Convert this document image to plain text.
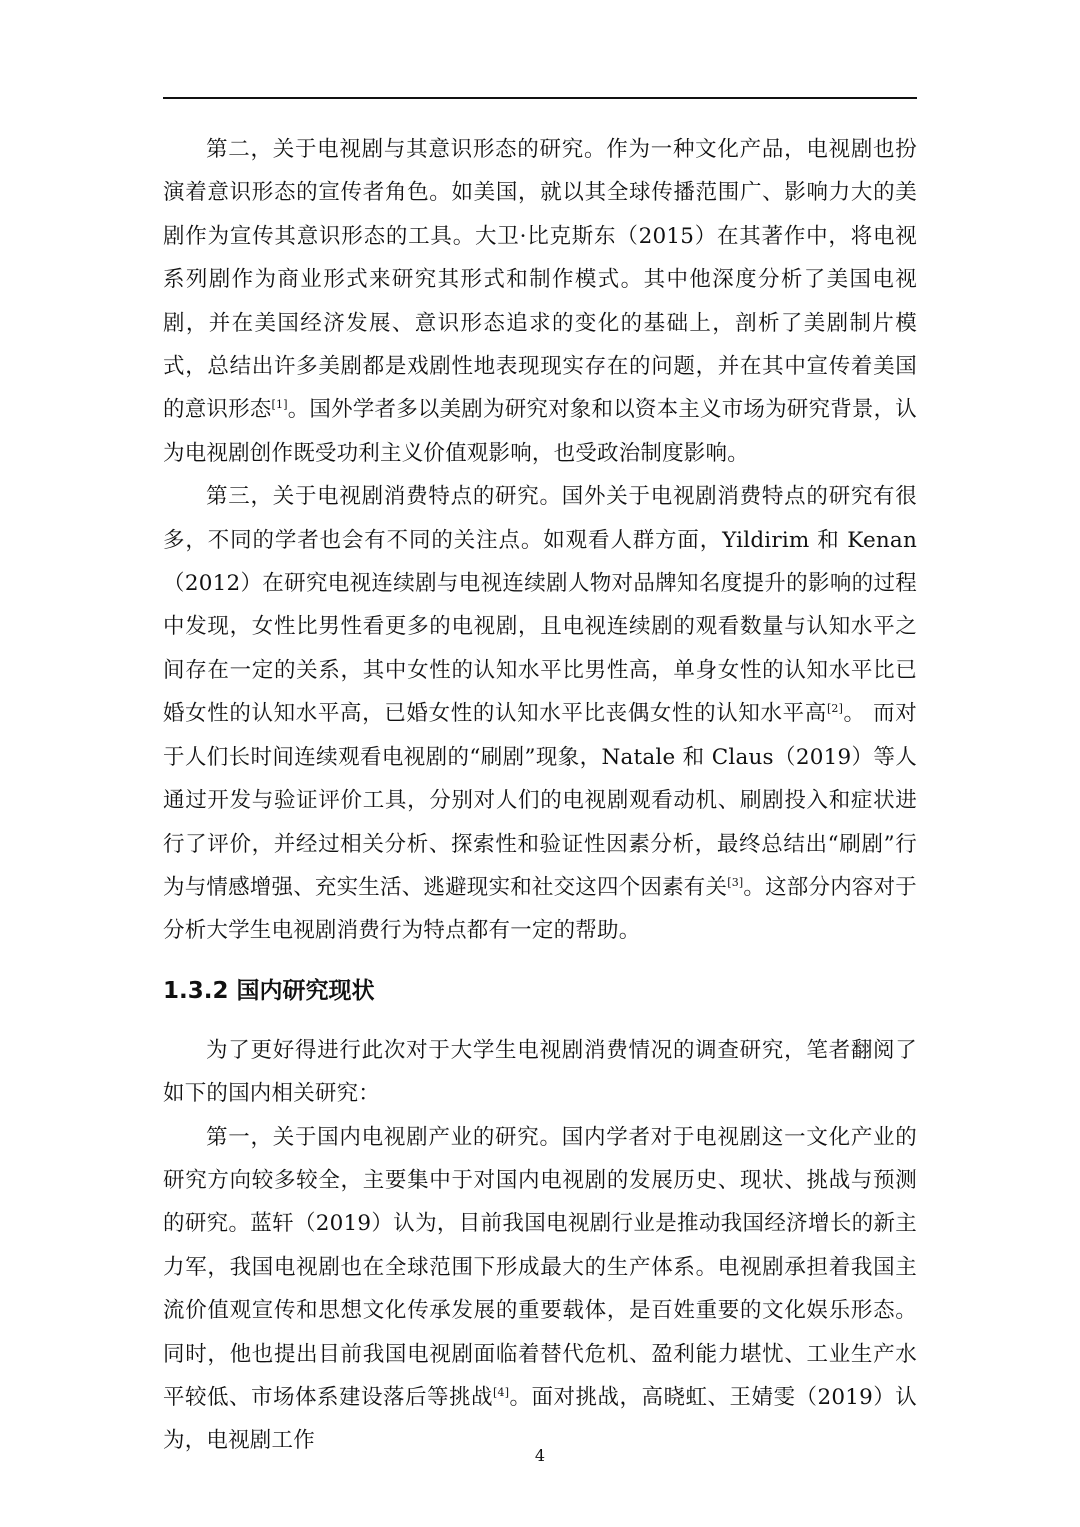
第二，关于电视剧与其意识形态的研究。作为一种文化产品，电视剧也扮演着意识形态的宣传者角色。如美国，就以其全球传播范围广、影响力大的美剧作为宣传其意识形态的工具。大卫·比克斯东（2015）在其著作中，将电视系列剧作为商业形式来研究其形式和制作模式。其中他深度分析了美国电视剧，并在美国经济发展、意识形态追求的变化的基础上，剖析了美剧制片模式，总结出许多美剧都是戏剧性地表现现实存在的问题，并在其中宣传着美国的意识形态[1]。国外学者多以美剧为研究对象和以资本主义市场为研究背景，认为电视剧创作既受功利主义价值观影响，也受政治制度影响。

第三，关于电视剧消费特点的研究。国外关于电视剧消费特点的研究有很多，不同的学者也会有不同的关注点。如观看人群方面，Yildirim 和 Kenan（2012）在研究电视连续剧与电视连续剧人物对品牌知名度提升的影响的过程中发现，女性比男性看更多的电视剧，且电视连续剧的观看数量与认知水平之间存在一定的关系，其中女性的认知水平比男性高，单身女性的认知水平比已婚女性的认知水平高，已婚女性的认知水平比丧偶女性的认知水平高[2]。 而对于人们长时间连续观看电视剧的“刷剧”现象，Natale 和 Claus（2019）等人通过开发与验证评价工具，分别对人们的电视剧观看动机、刷剧投入和症状进行了评价，并经过相关分析、探索性和验证性因素分析，最终总结出“刷剧”行为与情感增强、充实生活、逃避现实和社交这四个因素有关[3]。这部分内容对于分析大学生电视剧消费行为特点都有一定的帮助。

1.3.2 国内研究现状

为了更好得进行此次对于大学生电视剧消费情况的调查研究，笔者翻阅了如下的国内相关研究：

第一，关于国内电视剧产业的研究。国内学者对于电视剧这一文化产业的研究方向较多较全，主要集中于对国内电视剧的发展历史、现状、挑战与预测的研究。蓝轩（2019）认为，目前我国电视剧行业是推动我国经济增长的新主力军，我国电视剧也在全球范围下形成最大的生产体系。电视剧承担着我国主流价值观宣传和思想文化传承发展的重要载体，是百姓重要的文化娱乐形态。同时，他也提出目前我国电视剧面临着替代危机、盈利能力堪忧、工业生产水平较低、市场体系建设落后等挑战[4]。面对挑战，高晓虹、王婧雯（2019）认为，电视剧工作

4
